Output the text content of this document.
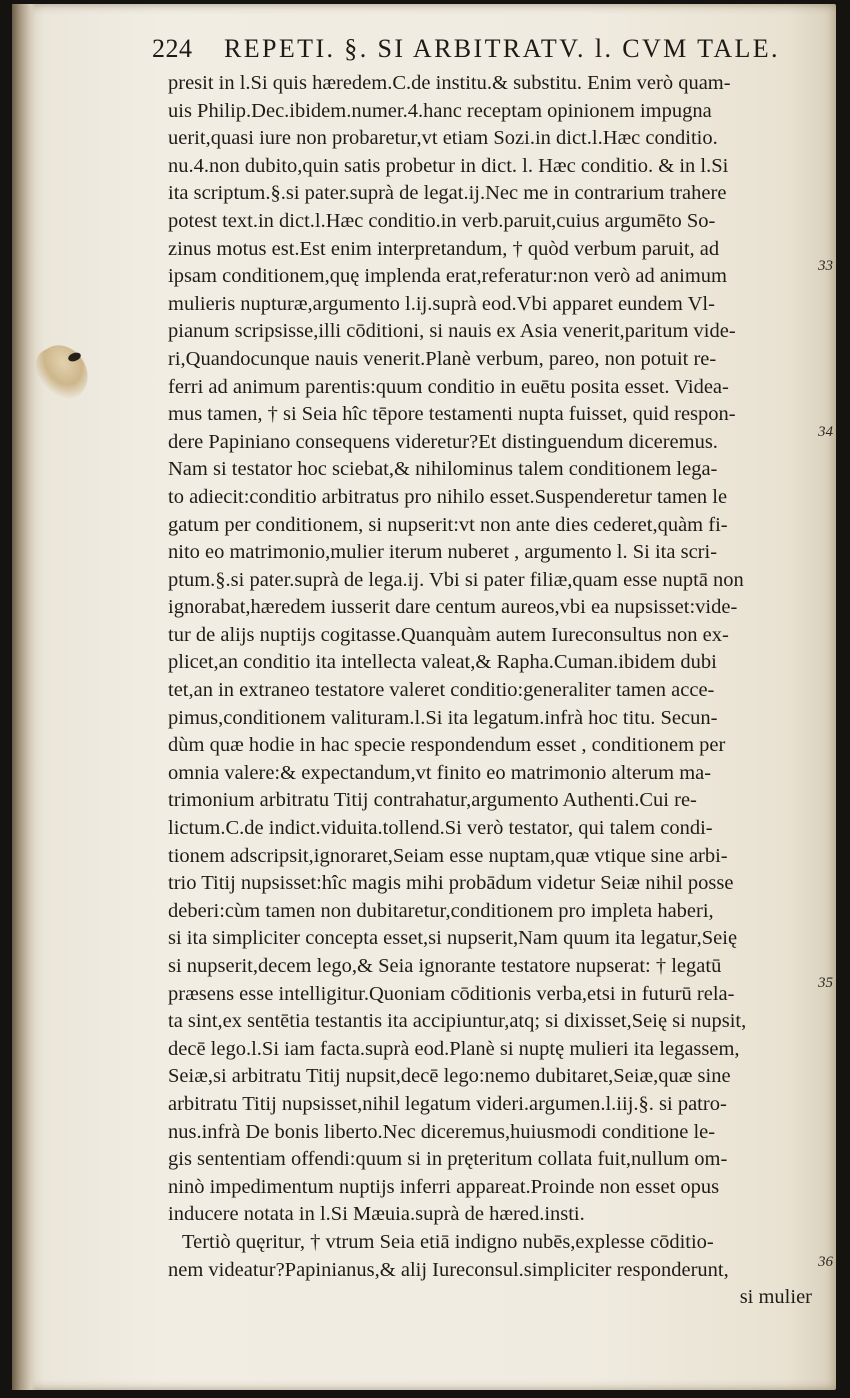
224 REPETI. §. SI ARBITRATV. l. CVM TALE.
presit in l.Si quis hæredem.C.de institu.& substitu. Enim verò quam-
uis Philip.Dec.ibidem.numer.4.hanc receptam opinionem impugna
uerit,quasi iure non probaretur,vt etiam Sozi.in dict.l.Hæc conditio.
nu.4.non dubito,quin satis probetur in dict. l. Hæc conditio. & in l.Si
ita scriptum.§.si pater.suprà de legat.ij.Nec me in contrarium trahere
potest text.in dict.l.Hæc conditio.in verb.paruit,cuius argumēto So-
zinus motus est.Est enim interpretandum, † quòd verbum paruit, ad
ipsam conditionem,quę implenda erat,referatur:non verò ad animum
mulieris nupturæ,argumento l.ij.suprà eod.Vbi apparet eundem Vl-
pianum scripsisse,illi cōditioni, si nauis ex Asia venerit,paritum vide-
ri,Quandocunque nauis venerit.Planè verbum, pareo, non potuit re-
ferri ad animum parentis:quum conditio in euētu posita esset. Videa-
mus tamen, † si Seia hîc tēpore testamenti nupta fuisset, quid respon-
dere Papiniano consequens videretur?Et distinguendum diceremus.
Nam si testator hoc sciebat,& nihilominus talem conditionem lega-
to adiecit:conditio arbitratus pro nihilo esset.Suspenderetur tamen le
gatum per conditionem, si nupserit:vt non ante dies cederet,quàm fi-
nito eo matrimonio,mulier iterum nuberet , argumento l. Si ita scri-
ptum.§.si pater.suprà de lega.ij. Vbi si pater filiæ,quam esse nuptā non
ignorabat,hæredem iusserit dare centum aureos,vbi ea nupsisset:vide-
tur de alijs nuptijs cogitasse.Quanquàm autem Iureconsultus non ex-
plicet,an conditio ita intellecta valeat,& Rapha.Cuman.ibidem dubi
tet,an in extraneo testatore valeret conditio:generaliter tamen acce-
pimus,conditionem valituram.l.Si ita legatum.infrà hoc titu. Secun-
dùm quæ hodie in hac specie respondendum esset , conditionem per
omnia valere:& expectandum,vt finito eo matrimonio alterum ma-
trimonium arbitratu Titij contrahatur,argumento Authenti.Cui re-
lictum.C.de indict.viduita.tollend.Si verò testator, qui talem condi-
tionem adscripsit,ignoraret,Seiam esse nuptam,quæ vtique sine arbi-
trio Titij nupsisset:hîc magis mihi probādum videtur Seiæ nihil posse
deberi:cùm tamen non dubitaretur,conditionem pro impleta haberi,
si ita simpliciter concepta esset,si nupserit,Nam quum ita legatur,Seię
si nupserit,decem lego,& Seia ignorante testatore nupserat: † legatū
præsens esse intelligitur.Quoniam cōditionis verba,etsi in futurū rela-
ta sint,ex sentētia testantis ita accipiuntur,atq; si dixisset,Seię si nupsit,
decē lego.l.Si iam facta.suprà eod.Planè si nuptę mulieri ita legassem,
Seiæ,si arbitratu Titij nupsit,decē lego:nemo dubitaret,Seiæ,quæ sine
arbitratu Titij nupsisset,nihil legatum videri.argumen.l.iij.§. si patro-
nus.infrà De bonis liberto.Nec diceremus,huiusmodi conditione le-
gis sententiam offendi:quum si in pręteritum collata fuit,nullum om-
ninò impedimentum nuptijs inferri appareat.Proinde non esset opus
inducere notata in l.Si Mæuia.suprà de hæred.insti.
Tertiò quęritur, † vtrum Seia etiā indigno nubēs,explesse cōditio-
nem videatur?Papinianus,& alij Iureconsul.simpliciter responderunt,
si mulier
33
34
35
36
